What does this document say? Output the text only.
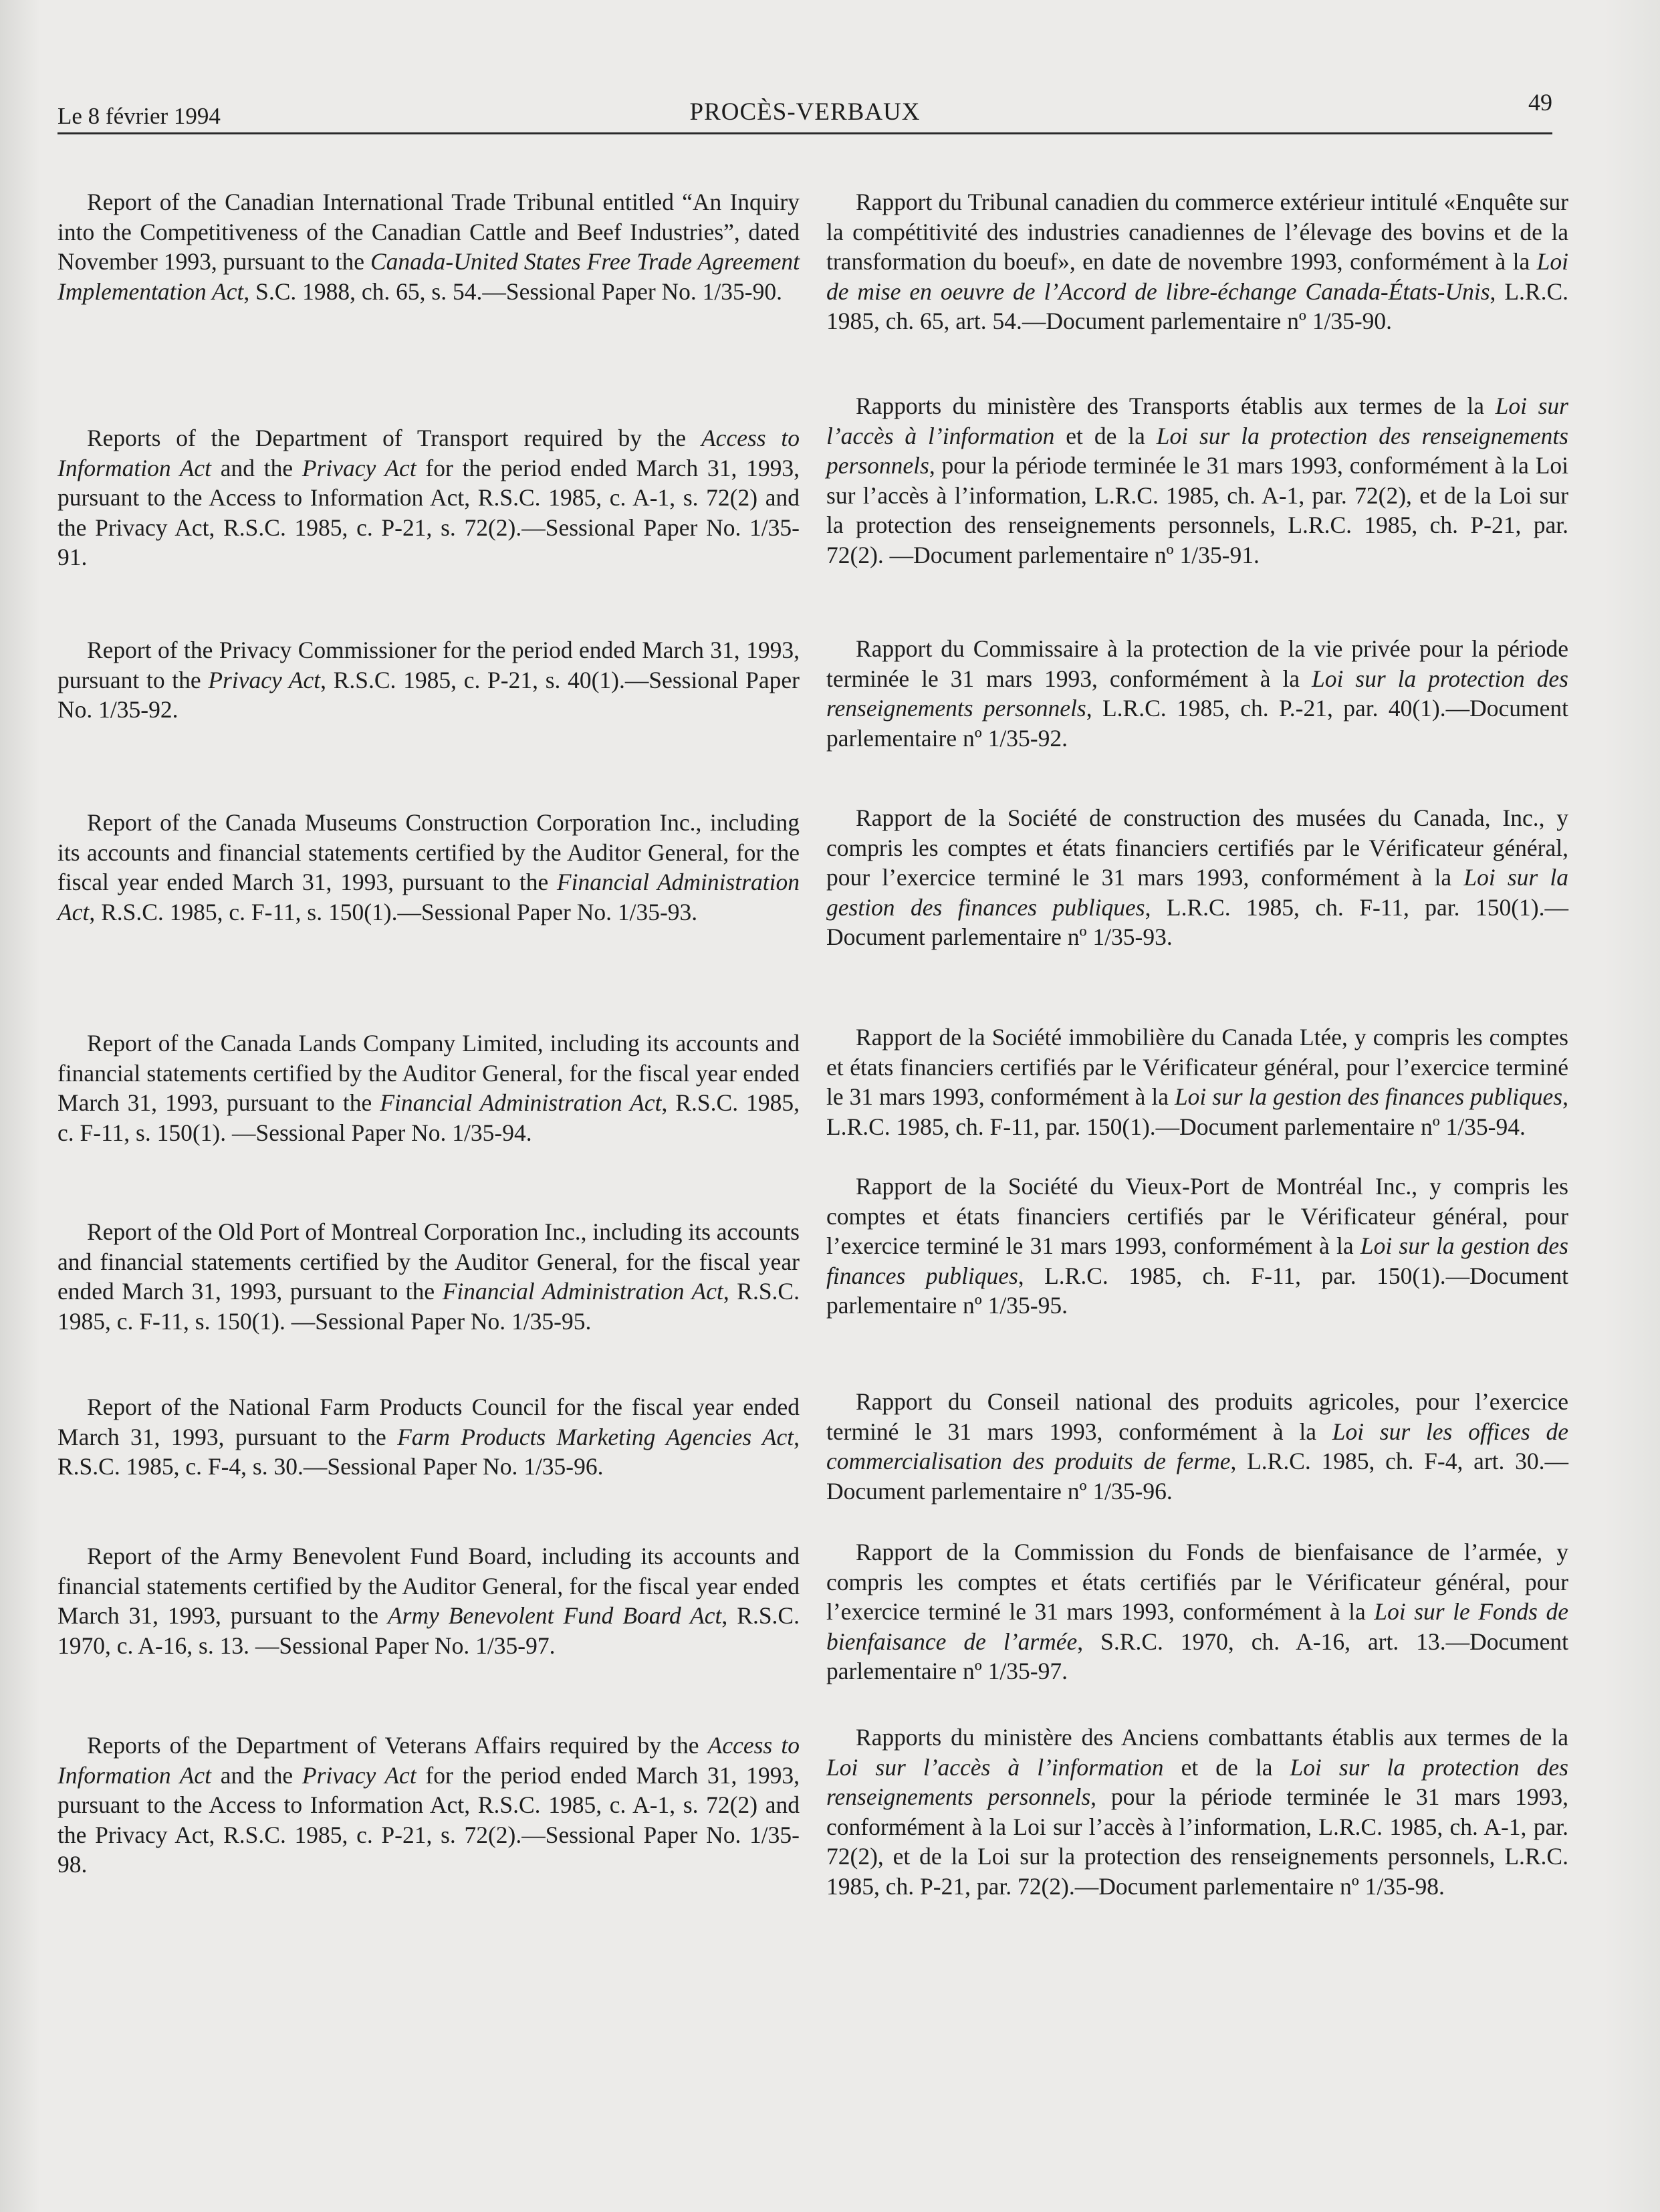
Le 8 février 1994	PROCÈS-VERBAUX	49

Report of the Canadian International Trade Tribunal entitled “An Inquiry into the Competitiveness of the Canadian Cattle and Beef Industries”, dated November 1993, pursuant to the Canada-United States Free Trade Agreement Implementation Act, S.C. 1988, ch. 65, s. 54.—Sessional Paper No. 1/35-90.

Reports of the Department of Transport required by the Access to Information Act and the Privacy Act for the period ended March 31, 1993, pursuant to the Access to Information Act, R.S.C. 1985, c. A-1, s. 72(2) and the Privacy Act, R.S.C. 1985, c. P-21, s. 72(2).—Sessional Paper No. 1/35-91.

Report of the Privacy Commissioner for the period ended March 31, 1993, pursuant to the Privacy Act, R.S.C. 1985, c. P-21, s. 40(1).—Sessional Paper No. 1/35-92.

Report of the Canada Museums Construction Corporation Inc., including its accounts and financial statements certified by the Auditor General, for the fiscal year ended March 31, 1993, pursuant to the Financial Administration Act, R.S.C. 1985, c. F-11, s. 150(1).—Sessional Paper No. 1/35-93.

Report of the Canada Lands Company Limited, including its accounts and financial statements certified by the Auditor General, for the fiscal year ended March 31, 1993, pursuant to the Financial Administration Act, R.S.C. 1985, c. F-11, s. 150(1). —Sessional Paper No. 1/35-94.

Report of the Old Port of Montreal Corporation Inc., including its accounts and financial statements certified by the Auditor General, for the fiscal year ended March 31, 1993, pursuant to the Financial Administration Act, R.S.C. 1985, c. F-11, s. 150(1). —Sessional Paper No. 1/35-95.

Report of the National Farm Products Council for the fiscal year ended March 31, 1993, pursuant to the Farm Products Marketing Agencies Act, R.S.C. 1985, c. F-4, s. 30.—Sessional Paper No. 1/35-96.

Report of the Army Benevolent Fund Board, including its accounts and financial statements certified by the Auditor General, for the fiscal year ended March 31, 1993, pursuant to the Army Benevolent Fund Board Act, R.S.C. 1970, c. A-16, s. 13. —Sessional Paper No. 1/35-97.

Reports of the Department of Veterans Affairs required by the Access to Information Act and the Privacy Act for the period ended March 31, 1993, pursuant to the Access to Information Act, R.S.C. 1985, c. A-1, s. 72(2) and the Privacy Act, R.S.C. 1985, c. P-21, s. 72(2).—Sessional Paper No. 1/35-98.

Rapport du Tribunal canadien du commerce extérieur intitulé «Enquête sur la compétitivité des industries canadiennes de l’élevage des bovins et de la transformation du boeuf», en date de novembre 1993, conformément à la Loi de mise en oeuvre de l’Accord de libre-échange Canada-États-Unis, L.R.C. 1985, ch. 65, art. 54.—Document parlementaire nº 1/35-90.

Rapports du ministère des Transports établis aux termes de la Loi sur l’accès à l’information et de la Loi sur la protection des renseignements personnels, pour la période terminée le 31 mars 1993, conformément à la Loi sur l’accès à l’information, L.R.C. 1985, ch. A-1, par. 72(2), et de la Loi sur la protection des renseignements personnels, L.R.C. 1985, ch. P-21, par. 72(2). —Document parlementaire nº 1/35-91.

Rapport du Commissaire à la protection de la vie privée pour la période terminée le 31 mars 1993, conformément à la Loi sur la protection des renseignements personnels, L.R.C. 1985, ch. P.-21, par. 40(1).—Document parlementaire nº 1/35-92.

Rapport de la Société de construction des musées du Canada, Inc., y compris les comptes et états financiers certifiés par le Vérificateur général, pour l’exercice terminé le 31 mars 1993, conformément à la Loi sur la gestion des finances publiques, L.R.C. 1985, ch. F-11, par. 150(1).—Document parlementaire nº 1/35-93.

Rapport de la Société immobilière du Canada Ltée, y compris les comptes et états financiers certifiés par le Vérificateur général, pour l’exercice terminé le 31 mars 1993, conformément à la Loi sur la gestion des finances publiques, L.R.C. 1985, ch. F-11, par. 150(1).—Document parlementaire nº 1/35-94.

Rapport de la Société du Vieux-Port de Montréal Inc., y compris les comptes et états financiers certifiés par le Vérificateur général, pour l’exercice terminé le 31 mars 1993, conformément à la Loi sur la gestion des finances publiques, L.R.C. 1985, ch. F-11, par. 150(1).—Document parlementaire nº 1/35-95.

Rapport du Conseil national des produits agricoles, pour l’exercice terminé le 31 mars 1993, conformément à la Loi sur les offices de commercialisation des produits de ferme, L.R.C. 1985, ch. F-4, art. 30.—Document parlementaire nº 1/35-96.

Rapport de la Commission du Fonds de bienfaisance de l’armée, y compris les comptes et états certifiés par le Vérificateur général, pour l’exercice terminé le 31 mars 1993, conformément à la Loi sur le Fonds de bienfaisance de l’armée, S.R.C. 1970, ch. A-16, art. 13.—Document parlementaire nº 1/35-97.

Rapports du ministère des Anciens combattants établis aux termes de la Loi sur l’accès à l’information et de la Loi sur la protection des renseignements personnels, pour la période terminée le 31 mars 1993, conformément à la Loi sur l’accès à l’information, L.R.C. 1985, ch. A-1, par. 72(2), et de la Loi sur la protection des renseignements personnels, L.R.C. 1985, ch. P-21, par. 72(2).—Document parlementaire nº 1/35-98.
